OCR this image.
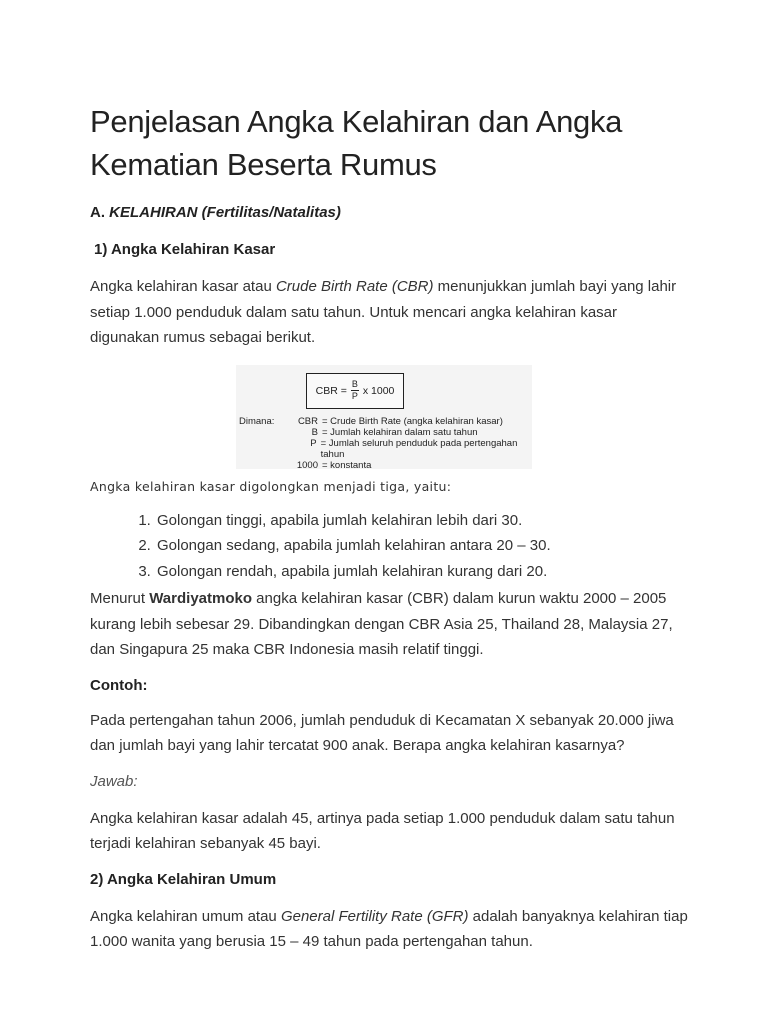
Penjelasan Angka Kelahiran dan Angka Kematian Beserta Rumus
A. KELAHIRAN (Fertilitas/Natalitas)
1) Angka Kelahiran Kasar

Angka kelahiran kasar atau Crude Birth Rate (CBR) menunjukkan jumlah bayi yang lahir setiap 1.000 penduduk dalam satu tahun. Untuk mencari angka kelahiran kasar digunakan rumus sebagai berikut.

CBR = $\frac{B}{P}$ x 1000
Dimana:	CBR = Crude Birth Rate (angka kelahiran kasar)
B = Jumlah kelahiran dalam satu tahun
P = Jumlah seluruh penduduk pada pertengahan tahun
1000 = konstanta

Angka kelahiran kasar digolongkan menjadi tiga, yaitu:

1. Golongan tinggi, apabila jumlah kelahiran lebih dari 30.
2. Golongan sedang, apabila jumlah kelahiran antara 20 – 30.
3. Golongan rendah, apabila jumlah kelahiran kurang dari 20.

Menurut Wardiyatmoko angka kelahiran kasar (CBR) dalam kurun waktu 2000 – 2005 kurang lebih sebesar 29. Dibandingkan dengan CBR Asia 25, Thailand 28, Malaysia 27, dan Singapura 25 maka CBR Indonesia masih relatif tinggi.

Contoh:

Pada pertengahan tahun 2006, jumlah penduduk di Kecamatan X sebanyak 20.000 jiwa dan jumlah bayi yang lahir tercatat 900 anak. Berapa angka kelahiran kasarnya?

Jawab:

Angka kelahiran kasar adalah 45, artinya pada setiap 1.000 penduduk dalam satu tahun terjadi kelahiran sebanyak 45 bayi.

2) Angka Kelahiran Umum

Angka kelahiran umum atau General Fertility Rate (GFR) adalah banyaknya kelahiran tiap 1.000 wanita yang berusia 15 – 49 tahun pada pertengahan tahun.
